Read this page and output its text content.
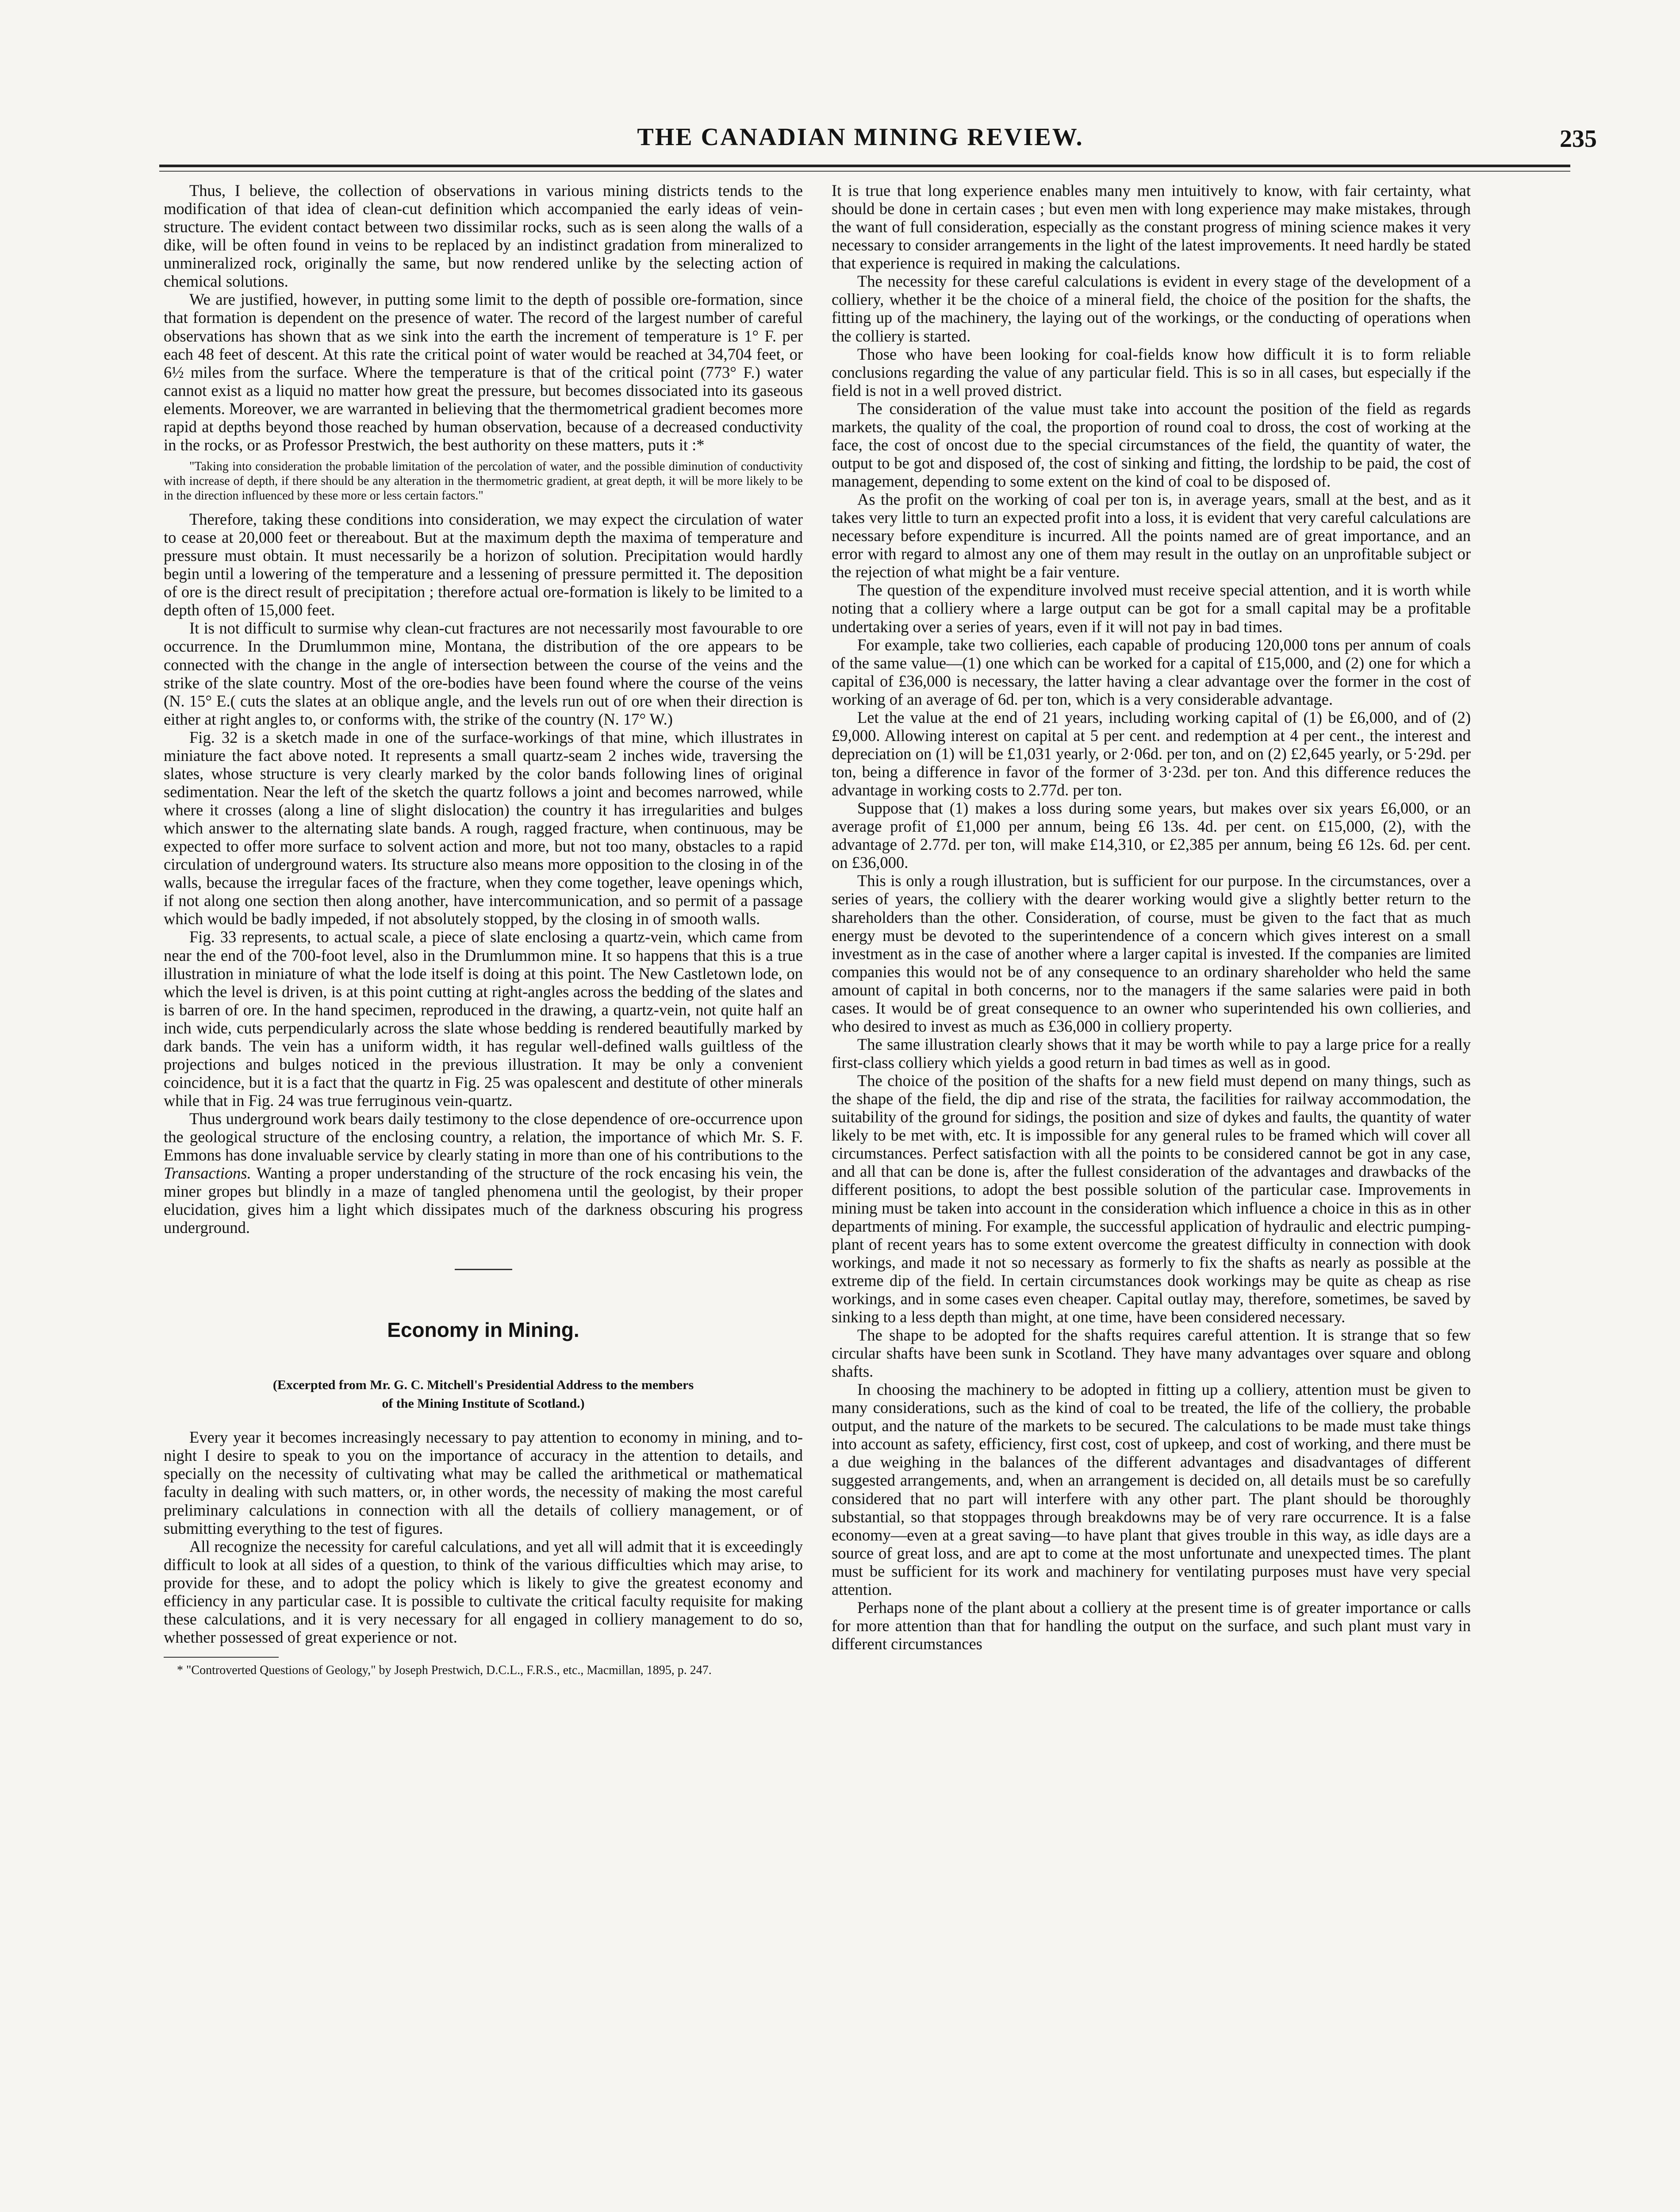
THE CANADIAN MINING REVIEW.	235

Thus, I believe, the collection of observations in various mining districts tends to the modification of that idea of clean-cut definition which accompanied the early ideas of vein-structure. The evident contact between two dissimilar rocks, such as is seen along the walls of a dike, will be often found in veins to be replaced by an indistinct gradation from mineralized to unmineralized rock, originally the same, but now rendered unlike by the selecting action of chemical solutions.

We are justified, however, in putting some limit to the depth of possible ore-formation, since that formation is dependent on the presence of water. The record of the largest number of careful observations has shown that as we sink into the earth the increment of temperature is 1° F. per each 48 feet of descent. At this rate the critical point of water would be reached at 34,704 feet, or 6½ miles from the surface. Where the temperature is that of the critical point (773° F.) water cannot exist as a liquid no matter how great the pressure, but becomes dissociated into its gaseous elements. Moreover, we are warranted in believing that the thermometrical gradient becomes more rapid at depths beyond those reached by human observation, because of a decreased conductivity in the rocks, or as Professor Prestwich, the best authority on these matters, puts it :*

"Taking into consideration the probable limitation of the percolation of water, and the possible diminution of conductivity with increase of depth, if there should be any alteration in the thermometric gradient, at great depth, it will be more likely to be in the direction influenced by these more or less certain factors."

Therefore, taking these conditions into consideration, we may expect the circulation of water to cease at 20,000 feet or thereabout. But at the maximum depth the maxima of temperature and pressure must obtain. It must necessarily be a horizon of solution. Precipitation would hardly begin until a lowering of the temperature and a lessening of pressure permitted it. The deposition of ore is the direct result of precipitation ; therefore actual ore-formation is likely to be limited to a depth often of 15,000 feet.

It is not difficult to surmise why clean-cut fractures are not necessarily most favourable to ore occurrence. In the Drumlummon mine, Montana, the distribution of the ore appears to be connected with the change in the angle of intersection between the course of the veins and the strike of the slate country. Most of the ore-bodies have been found where the course of the veins (N. 15° E.( cuts the slates at an oblique angle, and the levels run out of ore when their direction is either at right angles to, or conforms with, the strike of the country (N. 17° W.)

Fig. 32 is a sketch made in one of the surface-workings of that mine, which illustrates in miniature the fact above noted. It represents a small quartz-seam 2 inches wide, traversing the slates, whose structure is very clearly marked by the color bands following lines of original sedimentation. Near the left of the sketch the quartz follows a joint and becomes narrowed, while where it crosses (along a line of slight dislocation) the country it has irregularities and bulges which answer to the alternating slate bands. A rough, ragged fracture, when continuous, may be expected to offer more surface to solvent action and more, but not too many, obstacles to a rapid circulation of underground waters. Its structure also means more opposition to the closing in of the walls, because the irregular faces of the fracture, when they come together, leave openings which, if not along one section then along another, have intercommunication, and so permit of a passage which would be badly impeded, if not absolutely stopped, by the closing in of smooth walls.

Fig. 33 represents, to actual scale, a piece of slate enclosing a quartz-vein, which came from near the end of the 700-foot level, also in the Drumlummon mine. It so happens that this is a true illustration in miniature of what the lode itself is doing at this point. The New Castletown lode, on which the level is driven, is at this point cutting at right-angles across the bedding of the slates and is barren of ore. In the hand specimen, reproduced in the drawing, a quartz-vein, not quite half an inch wide, cuts perpendicularly across the slate whose bedding is rendered beautifully marked by dark bands. The vein has a uniform width, it has regular well-defined walls guiltless of the projections and bulges noticed in the previous illustration. It may be only a convenient coincidence, but it is a fact that the quartz in Fig. 25 was opalescent and destitute of other minerals while that in Fig. 24 was true ferruginous vein-quartz.

Thus underground work bears daily testimony to the close dependence of ore-occurrence upon the geological structure of the enclosing country, a relation, the importance of which Mr. S. F. Emmons has done invaluable service by clearly stating in more than one of his contributions to the Transactions. Wanting a proper understanding of the structure of the rock encasing his vein, the miner gropes but blindly in a maze of tangled phenomena until the geologist, by their proper elucidation, gives him a light which dissipates much of the darkness obscuring his progress underground.

Economy in Mining.
(Excerpted from Mr. G. C. Mitchell's Presidential Address to the members
of the Mining Institute of Scotland.)

Every year it becomes increasingly necessary to pay attention to economy in mining, and to-night I desire to speak to you on the importance of accuracy in the attention to details, and specially on the necessity of cultivating what may be called the arithmetical or mathematical faculty in dealing with such matters, or, in other words, the necessity of making the most careful preliminary calculations in connection with all the details of colliery management, or of submitting everything to the test of figures.

All recognize the necessity for careful calculations, and yet all will admit that it is exceedingly difficult to look at all sides of a question, to think of the various difficulties which may arise, to provide for these, and to adopt the policy which is likely to give the greatest economy and efficiency in any particular case. It is possible to cultivate the critical faculty requisite for making these calculations, and it is very necessary for all engaged in colliery management to do so, whether possessed of great experience or not.

* "Controverted Questions of Geology," by Joseph Prestwich, D.C.L., F.R.S., etc., Macmillan, 1895, p. 247.

It is true that long experience enables many men intuitively to know, with fair certainty, what should be done in certain cases ; but even men with long experience may make mistakes, through the want of full consideration, especially as the constant progress of mining science makes it very necessary to consider arrangements in the light of the latest improvements. It need hardly be stated that experience is required in making the calculations.

The necessity for these careful calculations is evident in every stage of the development of a colliery, whether it be the choice of a mineral field, the choice of the position for the shafts, the fitting up of the machinery, the laying out of the workings, or the conducting of operations when the colliery is started.

Those who have been looking for coal-fields know how difficult it is to form reliable conclusions regarding the value of any particular field. This is so in all cases, but especially if the field is not in a well proved district.

The consideration of the value must take into account the position of the field as regards markets, the quality of the coal, the proportion of round coal to dross, the cost of working at the face, the cost of oncost due to the special circumstances of the field, the quantity of water, the output to be got and disposed of, the cost of sinking and fitting, the lordship to be paid, the cost of management, depending to some extent on the kind of coal to be disposed of.

As the profit on the working of coal per ton is, in average years, small at the best, and as it takes very little to turn an expected profit into a loss, it is evident that very careful calculations are necessary before expenditure is incurred. All the points named are of great importance, and an error with regard to almost any one of them may result in the outlay on an unprofitable subject or the rejection of what might be a fair venture.

The question of the expenditure involved must receive special attention, and it is worth while noting that a colliery where a large output can be got for a small capital may be a profitable undertaking over a series of years, even if it will not pay in bad times.

For example, take two collieries, each capable of producing 120,000 tons per annum of coals of the same value—(1) one which can be worked for a capital of £15,000, and (2) one for which a capital of £36,000 is necessary, the latter having a clear advantage over the former in the cost of working of an average of 6d. per ton, which is a very considerable advantage.

Let the value at the end of 21 years, including working capital of (1) be £6,000, and of (2) £9,000. Allowing interest on capital at 5 per cent. and redemption at 4 per cent., the interest and depreciation on (1) will be £1,031 yearly, or 2·06d. per ton, and on (2) £2,645 yearly, or 5·29d. per ton, being a difference in favor of the former of 3·23d. per ton. And this difference reduces the advantage in working costs to 2.77d. per ton.

Suppose that (1) makes a loss during some years, but makes over six years £6,000, or an average profit of £1,000 per annum, being £6 13s. 4d. per cent. on £15,000, (2), with the advantage of 2.77d. per ton, will make £14,310, or £2,385 per annum, being £6 12s. 6d. per cent. on £36,000.

This is only a rough illustration, but is sufficient for our purpose. In the circumstances, over a series of years, the colliery with the dearer working would give a slightly better return to the shareholders than the other. Consideration, of course, must be given to the fact that as much energy must be devoted to the superintendence of a concern which gives interest on a small investment as in the case of another where a larger capital is invested. If the companies are limited companies this would not be of any consequence to an ordinary shareholder who held the same amount of capital in both concerns, nor to the managers if the same salaries were paid in both cases. It would be of great consequence to an owner who superintended his own collieries, and who desired to invest as much as £36,000 in colliery property.

The same illustration clearly shows that it may be worth while to pay a large price for a really first-class colliery which yields a good return in bad times as well as in good.

The choice of the position of the shafts for a new field must depend on many things, such as the shape of the field, the dip and rise of the strata, the facilities for railway accommodation, the suitability of the ground for sidings, the position and size of dykes and faults, the quantity of water likely to be met with, etc. It is impossible for any general rules to be framed which will cover all circumstances. Perfect satisfaction with all the points to be considered cannot be got in any case, and all that can be done is, after the fullest consideration of the advantages and drawbacks of the different positions, to adopt the best possible solution of the particular case. Improvements in mining must be taken into account in the consideration which influence a choice in this as in other departments of mining. For example, the successful application of hydraulic and electric pumping-plant of recent years has to some extent overcome the greatest difficulty in connection with dook workings, and made it not so necessary as formerly to fix the shafts as nearly as possible at the extreme dip of the field. In certain circumstances dook workings may be quite as cheap as rise workings, and in some cases even cheaper. Capital outlay may, therefore, sometimes, be saved by sinking to a less depth than might, at one time, have been considered necessary.

The shape to be adopted for the shafts requires careful attention. It is strange that so few circular shafts have been sunk in Scotland. They have many advantages over square and oblong shafts.

In choosing the machinery to be adopted in fitting up a colliery, attention must be given to many considerations, such as the kind of coal to be treated, the life of the colliery, the probable output, and the nature of the markets to be secured. The calculations to be made must take things into account as safety, efficiency, first cost, cost of upkeep, and cost of working, and there must be a due weighing in the balances of the different advantages and disadvantages of different suggested arrangements, and, when an arrangement is decided on, all details must be so carefully considered that no part will interfere with any other part. The plant should be thoroughly substantial, so that stoppages through breakdowns may be of very rare occurrence. It is a false economy—even at a great saving—to have plant that gives trouble in this way, as idle days are a source of great loss, and are apt to come at the most unfortunate and unexpected times. The plant must be sufficient for its work and machinery for ventilating purposes must have very special attention.

Perhaps none of the plant about a colliery at the present time is of greater importance or calls for more attention than that for handling the output on the surface, and such plant must vary in different circumstances
